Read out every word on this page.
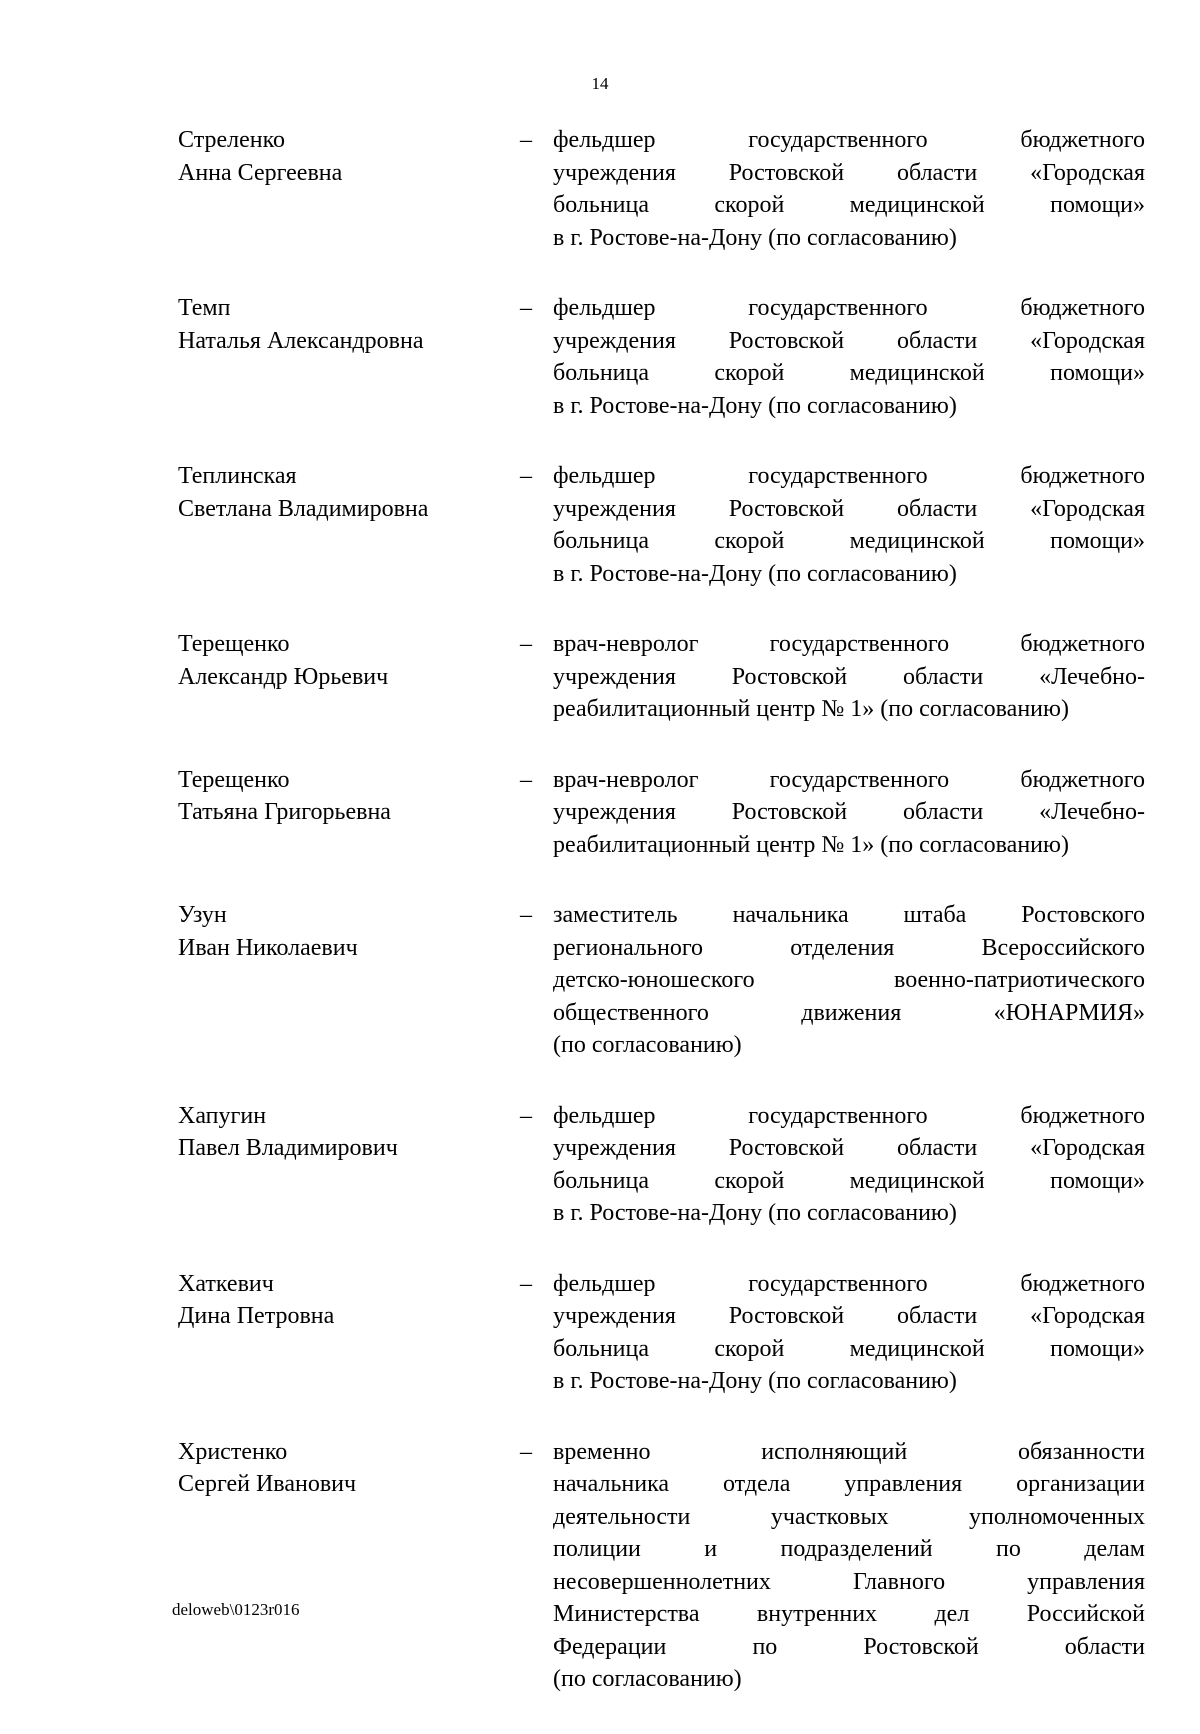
14
Стреленко
Анна Сергеевна
– фельдшер государственного бюджетного
учреждения Ростовской области «Городская
больница скорой медицинской помощи»
в г. Ростове-на-Дону (по согласованию)
Темп
Наталья Александровна
– фельдшер государственного бюджетного
учреждения Ростовской области «Городская
больница скорой медицинской помощи»
в г. Ростове-на-Дону (по согласованию)
Теплинская
Светлана Владимировна
– фельдшер государственного бюджетного
учреждения Ростовской области «Городская
больница скорой медицинской помощи»
в г. Ростове-на-Дону (по согласованию)
Терещенко
Александр Юрьевич
– врач-невролог государственного бюджетного
учреждения Ростовской области «Лечебно-
реабилитационный центр № 1» (по согласованию)
Терещенко
Татьяна Григорьевна
– врач-невролог государственного бюджетного
учреждения Ростовской области «Лечебно-
реабилитационный центр № 1» (по согласованию)
Узун
Иван Николаевич
– заместитель начальника штаба Ростовского
регионального отделения Всероссийского
детско-юношеского военно-патриотического
общественного движения «ЮНАРМИЯ»
(по согласованию)
Хапугин
Павел Владимирович
– фельдшер государственного бюджетного
учреждения Ростовской области «Городская
больница скорой медицинской помощи»
в г. Ростове-на-Дону (по согласованию)
Хаткевич
Дина Петровна
– фельдшер государственного бюджетного
учреждения Ростовской области «Городская
больница скорой медицинской помощи»
в г. Ростове-на-Дону (по согласованию)
Христенко
Сергей Иванович
– временно исполняющий обязанности
начальника отдела управления организации
деятельности участковых уполномоченных
полиции и подразделений по делам
несовершеннолетних Главного управления
Министерства внутренних дел Российской
Федерации по Ростовской области
(по согласованию)
deloweb\0123r016
